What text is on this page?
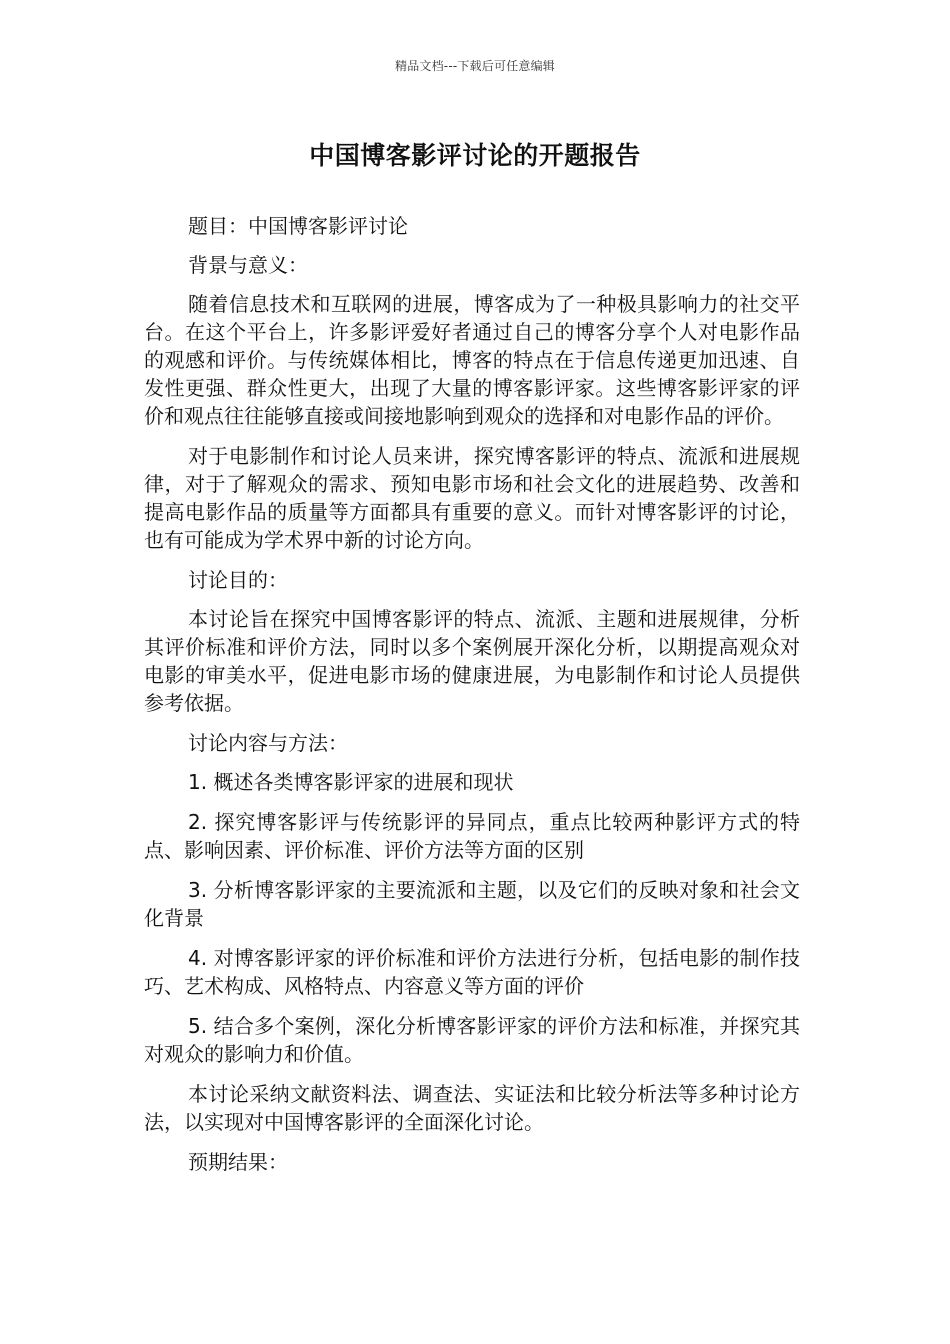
精品文档---下载后可任意编辑
中国博客影评讨论的开题报告

题目：中国博客影评讨论

背景与意义：

随着信息技术和互联网的进展，博客成为了一种极具影响力的社交平台。在这个平台上，许多影评爱好者通过自己的博客分享个人对电影作品的观感和评价。与传统媒体相比，博客的特点在于信息传递更加迅速、自发性更强、群众性更大，出现了大量的博客影评家。这些博客影评家的评价和观点往往能够直接或间接地影响到观众的选择和对电影作品的评价。

对于电影制作和讨论人员来讲，探究博客影评的特点、流派和进展规律，对于了解观众的需求、预知电影市场和社会文化的进展趋势、改善和提高电影作品的质量等方面都具有重要的意义。而针对博客影评的讨论，也有可能成为学术界中新的讨论方向。

讨论目的：

本讨论旨在探究中国博客影评的特点、流派、主题和进展规律，分析其评价标准和评价方法，同时以多个案例展开深化分析，以期提高观众对电影的审美水平，促进电影市场的健康进展，为电影制作和讨论人员提供参考依据。

讨论内容与方法：

1. 概述各类博客影评家的进展和现状

2. 探究博客影评与传统影评的异同点，重点比较两种影评方式的特点、影响因素、评价标准、评价方法等方面的区别

3. 分析博客影评家的主要流派和主题，以及它们的反映对象和社会文化背景

4. 对博客影评家的评价标准和评价方法进行分析，包括电影的制作技巧、艺术构成、风格特点、内容意义等方面的评价

5. 结合多个案例，深化分析博客影评家的评价方法和标准，并探究其对观众的影响力和价值。

本讨论采纳文献资料法、调查法、实证法和比较分析法等多种讨论方法，以实现对中国博客影评的全面深化讨论。

预期结果：
